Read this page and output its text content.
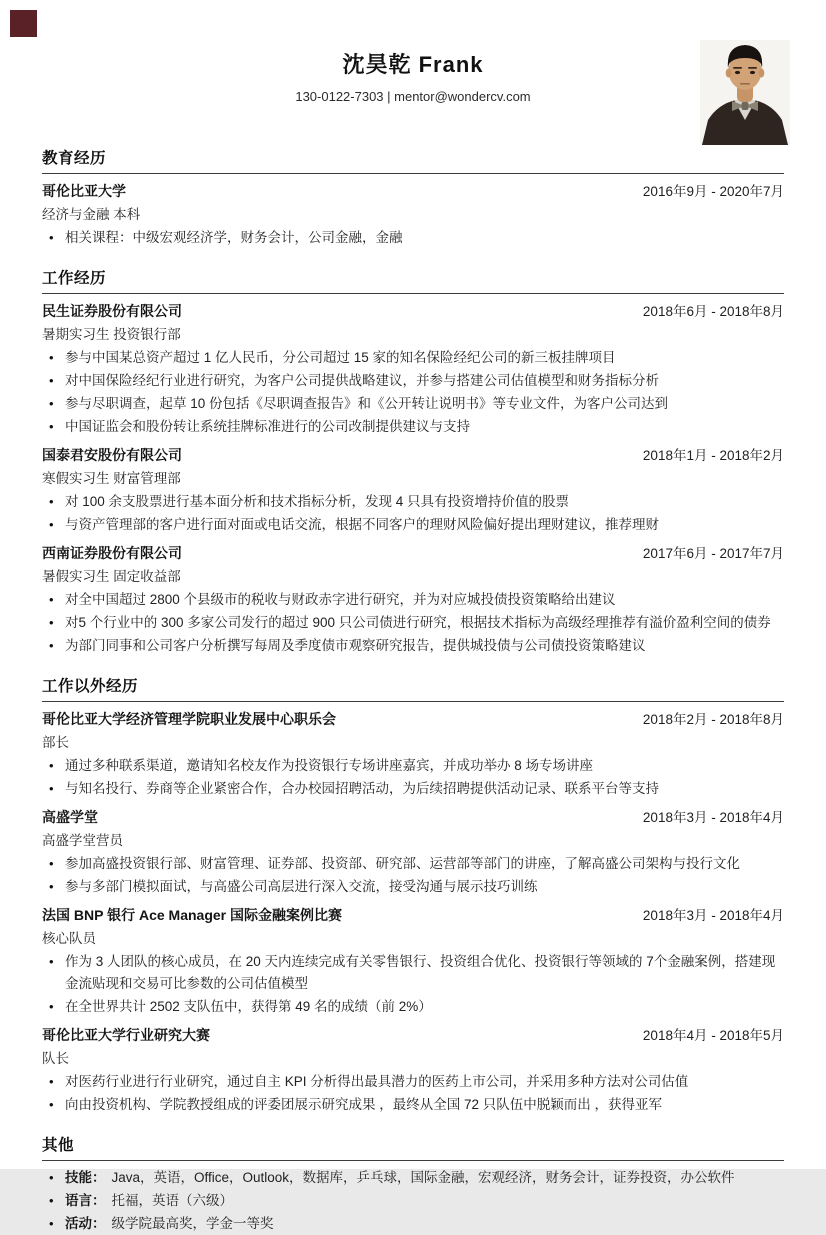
沈昊乾 Frank

130-0122-7303 | mentor@wondercv.com

教育经历
哥伦比亚大学	2016年9月 - 2020年7月
经济与金融 本科
• 相关课程：中级宏观经济学，财务会计，公司金融，金融
工作经历
民生证券股份有限公司	2018年6月 - 2018年8月
暑期实习生 投资银行部
• 参与中国某总资产超过 1 亿人民币，分公司超过 15 家的知名保险经纪公司的新三板挂牌项目
• 对中国保险经纪行业进行研究，为客户公司提供战略建议，并参与搭建公司估值模型和财务指标分析
• 参与尽职调查，起草 10 份包括《尽职调查报告》和《公开转让说明书》等专业文件，为客户公司达到
• 中国证监会和股份转让系统挂牌标准进行的公司改制提供建议与支持
国泰君安股份有限公司	2018年1月 - 2018年2月
寒假实习生 财富管理部
• 对 100 余支股票进行基本面分析和技术指标分析，发现 4 只具有投资增持价值的股票
• 与资产管理部的客户进行面对面或电话交流，根据不同客户的理财风险偏好提出理财建议，推荐理财
西南证券股份有限公司	2017年6月 - 2017年7月
暑假实习生 固定收益部
• 对全中国超过 2800 个县级市的税收与财政赤字进行研究，并为对应城投债投资策略给出建议
• 对5 个行业中的 300 多家公司发行的超过 900 只公司债进行研究，根据技术指标为高级经理推荐有溢价盈利空间的债券
• 为部门同事和公司客户分析撰写每周及季度债市观察研究报告，提供城投债与公司债投资策略建议
工作以外经历
哥伦比亚大学经济管理学院职业发展中心职乐会	2018年2月 - 2018年8月
部长
• 通过多种联系渠道，邀请知名校友作为投资银行专场讲座嘉宾，并成功举办 8 场专场讲座
• 与知名投行、券商等企业紧密合作，合办校园招聘活动，为后续招聘提供活动记录、联系平台等支持
高盛学堂	2018年3月 - 2018年4月
高盛学堂营员
• 参加高盛投资银行部、财富管理、证券部、投资部、研究部、运营部等部门的讲座，了解高盛公司架构与投行文化
• 参与多部门模拟面试，与高盛公司高层进行深入交流，接受沟通与展示技巧训练
法国 BNP 银行 Ace Manager 国际金融案例比赛	2018年3月 - 2018年4月
核心队员
• 作为 3 人团队的核心成员，在 20 天内连续完成有关零售银行、投资组合优化、投资银行等领域的 7个金融案例，搭建现金流贴现和交易可比参数的公司估值模型
• 在全世界共计 2502 支队伍中，获得第 49 名的成绩（前 2%）
哥伦比亚大学行业研究大赛	2018年4月 - 2018年5月
队长
• 对医药行业进行行业研究，通过自主 KPI 分析得出最具潜力的医药上市公司，并采用多种方法对公司估值
• 向由投资机构、学院教授组成的评委团展示研究成果 ，最终从全国 72 只队伍中脱颖而出 ，获得亚军
其他
• 技能： Java，英语，Office，Outlook，数据库，乒乓球，国际金融，宏观经济，财务会计，证券投资，办公软件
• 语言： 托福，英语（六级）
• 活动： 级学院最高奖，学金一等奖
